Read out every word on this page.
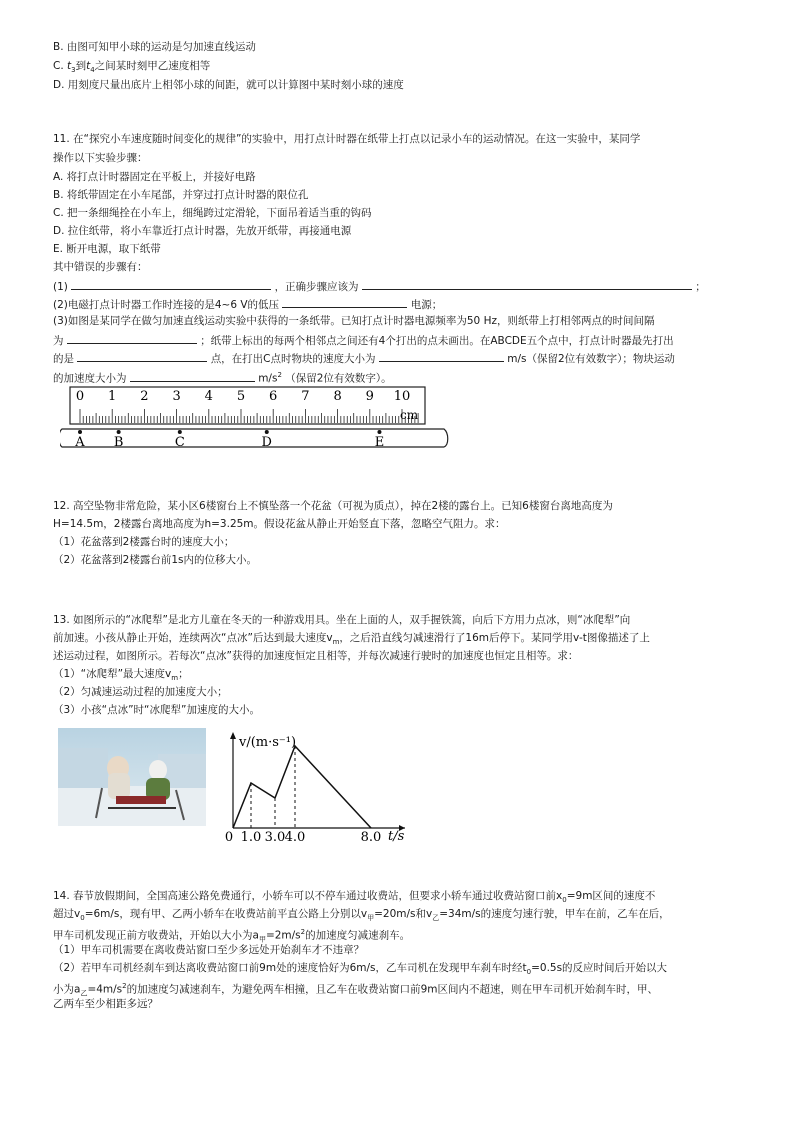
B. 由图可知甲小球的运动是匀加速直线运动
C. $t_3$到$t_4$之间某时刻甲乙速度相等
D. 用刻度尺量出底片上相邻小球的间距，就可以计算图中某时刻小球的速度
11. 在“探究小车速度随时间变化的规律”的实验中，用打点计时器在纸带上打点以记录小车的运动情况。在这一实验中，某同学
操作以下实验步骤：
A. 将打点计时器固定在平板上，并接好电路
B. 将纸带固定在小车尾部，并穿过打点计时器的限位孔
C. 把一条细绳拴在小车上，细绳跨过定滑轮，下面吊着适当重的钩码
D. 拉住纸带，将小车靠近打点计时器，先放开纸带，再接通电源
E. 断开电源，取下纸带
其中错误的步骤有：
(1)	，正确步骤应该为	；
(2)电磁打点计时器工作时连接的是4~6 V的低压	电源；
(3)如图是某同学在做匀加速直线运动实验中获得的一条纸带。已知打点计时器电源频率为50 Hz，则纸带上打相邻两点的时间间隔
为	；纸带上标出的每两个相邻点之间还有4个打出的点未画出。在ABCDE五个点中，打点计时器最先打出
的是	点，在打出C点时物块的速度大小为	m/s（保留2位有效数字）；物块运动
的加速度大小为	$m/s^2$ （保留2位有效数字）。
0 1 2 3 4 5 6 7 8 9 10
cm
A B	C	D	E
12. 高空坠物非常危险，某小区6楼窗台上不慎坠落一个花盆（可视为质点），掉在2楼的露台上。已知6楼窗台离地高度为
H=14.5m，2楼露台离地高度为h=3.25m。假设花盆从静止开始竖直下落，忽略空气阻力。求：
（1）花盆落到2楼露台时的速度大小；
（2）花盆落到2楼露台前1s内的位移大小。
13. 如图所示的“冰爬犁”是北方儿童在冬天的一种游戏用具。坐在上面的人，双手握铁篙，向后下方用力点冰，则“冰爬犁”向
前加速。小孩从静止开始，连续两次“点冰”后达到最大速度$v_m$，之后沿直线匀减速滑行了16m后停下。某同学用v-t图像描述了上
述运动过程，如图所示。若每次“点冰”获得的加速度恒定且相等，并每次减速行驶时的加速度也恒定且相等。求：
（1）“冰爬犁”最大速度$v_m$；
（2）匀减速运动过程的加速度大小；
（3）小孩“点冰”时“冰爬犁”加速度的大小。
v/(m·s⁻¹)
t/s
0 1.0 3.0 4.0	8.0
14. 春节放假期间，全国高速公路免费通行，小轿车可以不停车通过收费站，但要求小轿车通过收费站窗口前$x_0=9m$区间的速度不
超过$v_0=6m/s$，现有甲、乙两小轿车在收费站前平直公路上分别以$v_甲=20m/s$和$v_乙=34m/s$的速度匀速行驶，甲车在前，乙车在后，
甲车司机发现正前方收费站，开始以大小为$a_甲=2m/s^2$的加速度匀减速刹车。
（1）甲车司机需要在离收费站窗口至少多远处开始刹车才不违章？
（2）若甲车司机经刹车到达离收费站窗口前9m处的速度恰好为6m/s，乙车司机在发现甲车刹车时经$t_0=0.5s$的反应时间后开始以大
小为$a_乙=4m/s^2$的加速度匀减速刹车，为避免两车相撞，且乙车在收费站窗口前9m区间内不超速，则在甲车司机开始刹车时，甲、
乙两车至少相距多远？
